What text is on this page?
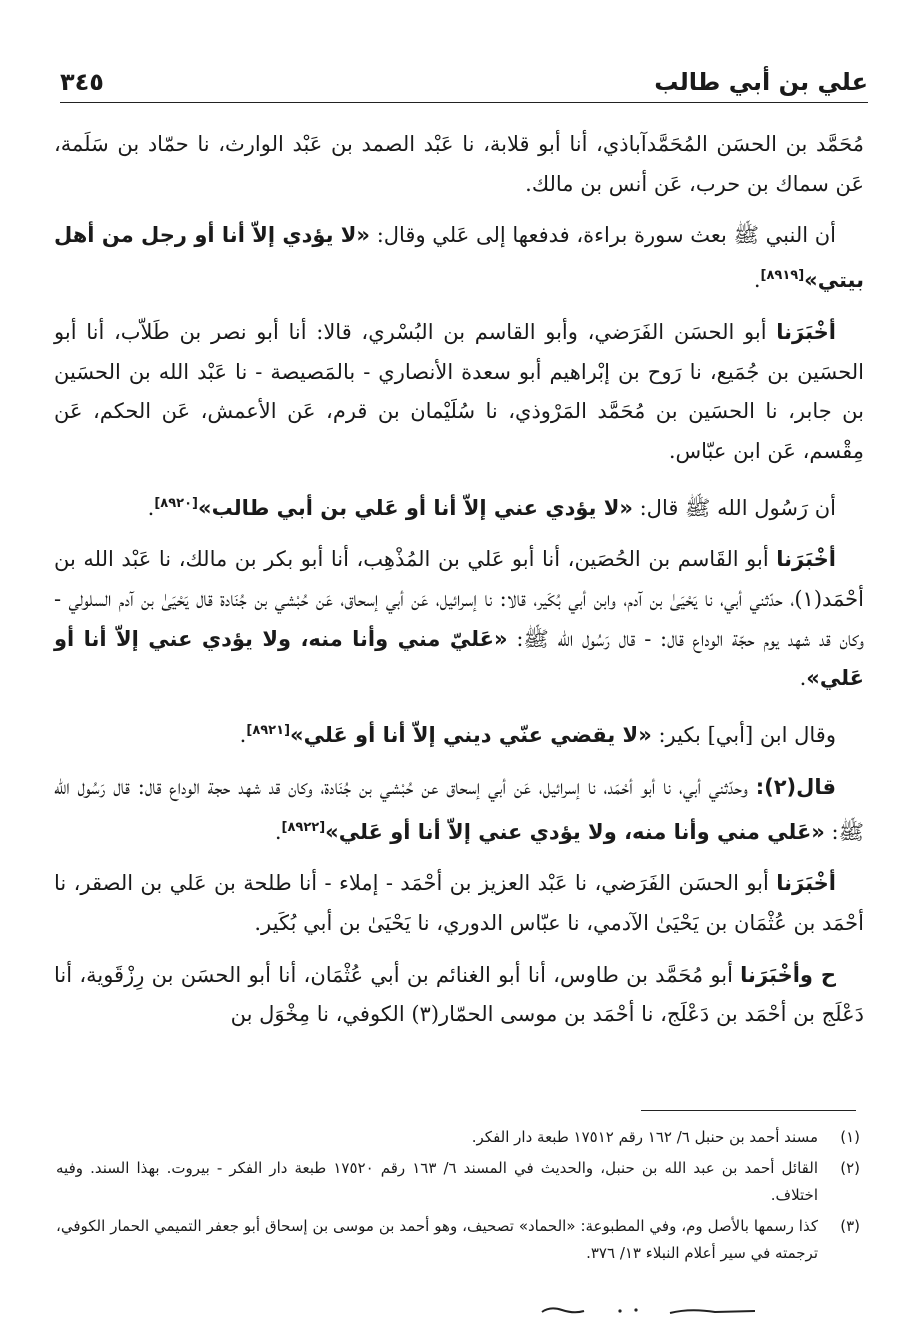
علي بن أبي طالب
٣٤٥

مُحَمَّد بن الحسَن المُحَمَّدآباذي، أنا أبو قلابة، نا عَبْد الصمد بن عَبْد الوارث، نا حمّاد بن سَلَمة، عَن سماك بن حرب، عَن أنس بن مالك.

أن النبي ﷺ بعث سورة براءة، فدفعها إلى عَلي وقال: «لا يؤدي إلاّ أنا أو رجل من أهل بيتي»[٨٩١٩].

أخْبَرَنا أبو الحسَن الفَرَضي، وأبو القاسم بن البُسْري، قالا: أنا أبو نصر بن طَلاّب، أنا أبو الحسَين بن جُمَيع، نا رَوح بن إبْراهيم أبو سعدة الأنصاري - بالمَصيصة - نا عَبْد الله بن الحسَين بن جابر، نا الحسَين بن مُحَمَّد المَرْوذي، نا سُلَيْمان بن قرم، عَن الأعمش، عَن الحكم، عَن مِقْسم، عَن ابن عبّاس.

أن رَسُول الله ﷺ قال: «لا يؤدي عني إلاّ أنا أو عَلي بن أبي طالب»[٨٩٢٠].

أخْبَرَنا أبو القَاسم بن الحُصَين، أنا أبو عَلي بن المُذْهِب، أنا أبو بكر بن مالك، نا عَبْد الله بن أحْمَد(١)، حدّثني أبي، نا يَحْيَىٰ بن آدم، وابن أبي بُكَير، قالا: نا إسرائيل، عَن أبي إسحاق، عَن حُبْشي بن جُنَادة قال يَحْيَىٰ بن آدم السلولي - وكان قد شهد يوم حجّة الوداع قال: - قال رَسُول الله ﷺ: «عَليّ مني وأنا منه، ولا يؤدي عني إلاّ أنا أو عَلي».

وقال ابن [أبي] بكير: «لا يقضي عنّي ديني إلاّ أنا أو عَلي»[٨٩٢١].

قال(٢): وحدّثني أبي، نا أبو أحْمَد، نا إسرائيل، عَن أبي إسحاق عن حُبْشي بن جُنَادة، وكان قد شهد حجة الوداع قال: قال رَسُول الله ﷺ: «عَلي مني وأنا منه، ولا يؤدي عني إلاّ أنا أو عَلي»[٨٩٢٢].

أخْبَرَنا أبو الحسَن الفَرَضي، نا عَبْد العزيز بن أحْمَد - إملاء - أنا طلحة بن عَلي بن الصقر، نا أحْمَد بن عُثْمَان بن يَحْيَىٰ الآدمي، نا عبّاس الدوري، نا يَحْيَىٰ بن أبي بُكَير.

ح وأخْبَرَنا أبو مُحَمَّد بن طاوس، أنا أبو الغنائم بن أبي عُثْمَان، أنا أبو الحسَن بن رِزْقَوية، أنا دَعْلَج بن أحْمَد بن دَعْلَج، نا أحْمَد بن موسى الحمّار(٣) الكوفي، نا مِخْوَل بن

(١)
مسند أحمد بن حنبل ٦/ ١٦٢ رقم ١٧٥١٢ طبعة دار الفكر.
(٢)
القائل أحمد بن عبد الله بن حنبل، والحديث في المسند ٦/ ١٦٣ رقم ١٧٥٢٠ طبعة دار الفكر - بيروت. بهذا السند. وفيه اختلاف.
(٣)
كذا رسمها بالأصل وم، وفي المطبوعة: «الحماد» تصحيف، وهو أحمد بن موسى بن إسحاق أبو جعفر التميمي الحمار الكوفي، ترجمته في سير أعلام النبلاء ١٣/ ٣٧٦.
